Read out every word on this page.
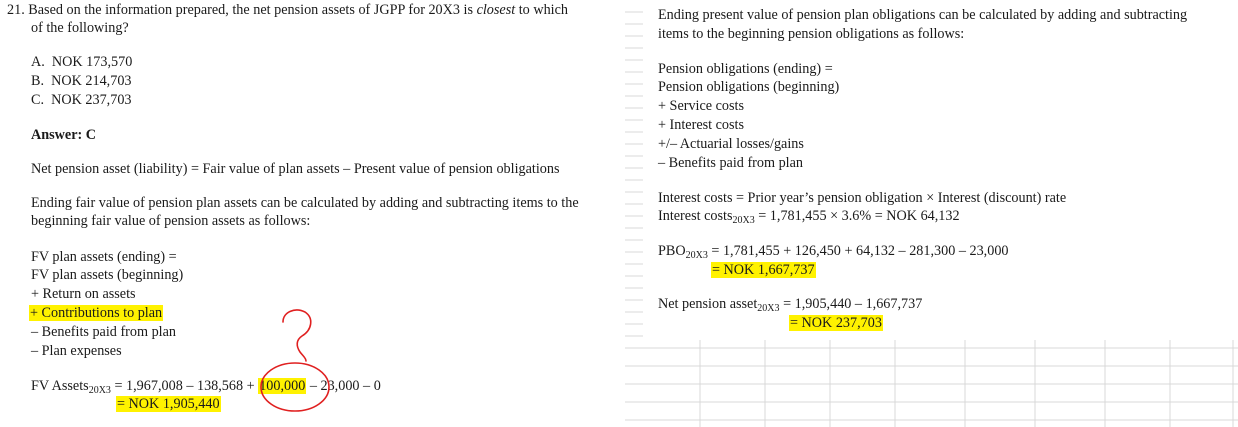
21. Based on the information prepared, the net pension assets of JGPP for 20X3 is closest to which
of the following?
A. NOK 173,570
B. NOK 214,703
C. NOK 237,703
Answer: C
Net pension asset (liability) = Fair value of plan assets – Present value of pension obligations
Ending fair value of pension plan assets can be calculated by adding and subtracting items to the
beginning fair value of pension assets as follows:
FV plan assets (ending) =
FV plan assets (beginning)
+ Return on assets
+ Contributions to plan
– Benefits paid from plan
– Plan expenses
FV Assets$_{20X3}$ = 1,967,008 – 138,568 + 100,000 – 23,000 – 0
= NOK 1,905,440
Ending present value of pension plan obligations can be calculated by adding and subtracting
items to the beginning pension obligations as follows:
Pension obligations (ending) =
Pension obligations (beginning)
+ Service costs
+ Interest costs
+/– Actuarial losses/gains
– Benefits paid from plan
Interest costs = Prior year’s pension obligation × Interest (discount) rate
Interest costs$_{20X3}$ = 1,781,455 × 3.6% = NOK 64,132
$PBO_{20X3} = 1,781,455 + 126,450 + 64,132 - 281,300 - 23,000$
= NOK 1,667,737
Net pension asset$_{20X3}$ = 1,905,440 – 1,667,737
= NOK 237,703
